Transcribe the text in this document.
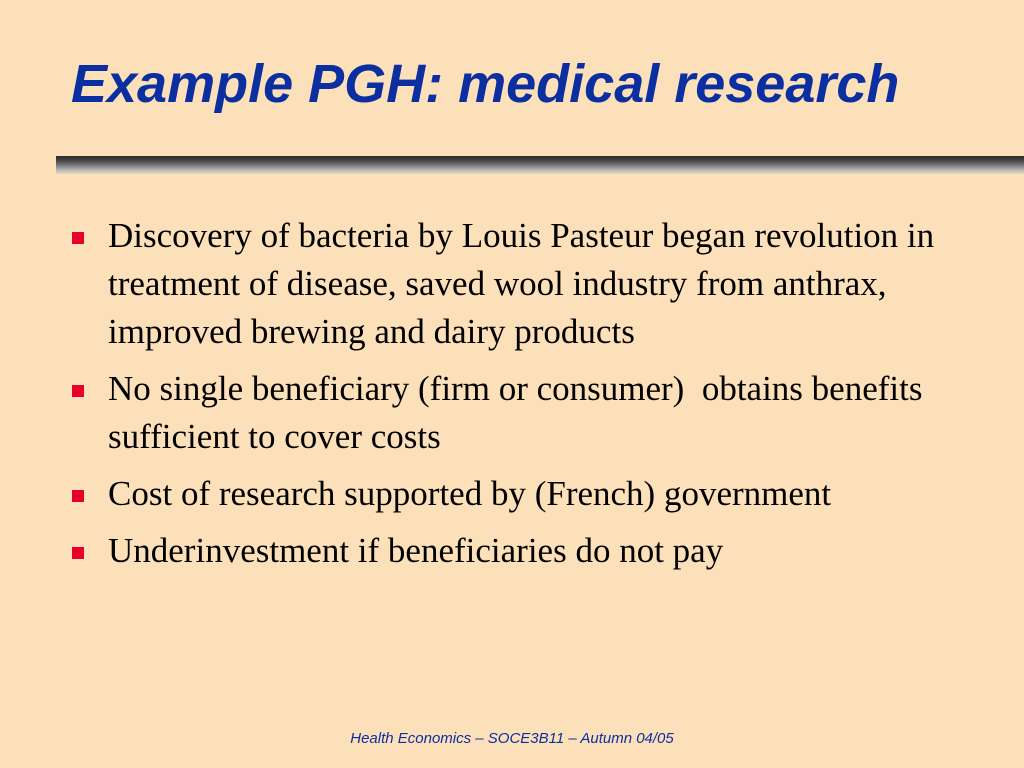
Example PGH: medical research
Discovery of bacteria by Louis Pasteur began revolution in treatment of disease, saved wool industry from anthrax, improved brewing and dairy products
No single beneficiary (firm or consumer)  obtains benefits sufficient to cover costs
Cost of research supported by (French) government
Underinvestment if beneficiaries do not pay
Health Economics – SOCE3B11 – Autumn 04/05
